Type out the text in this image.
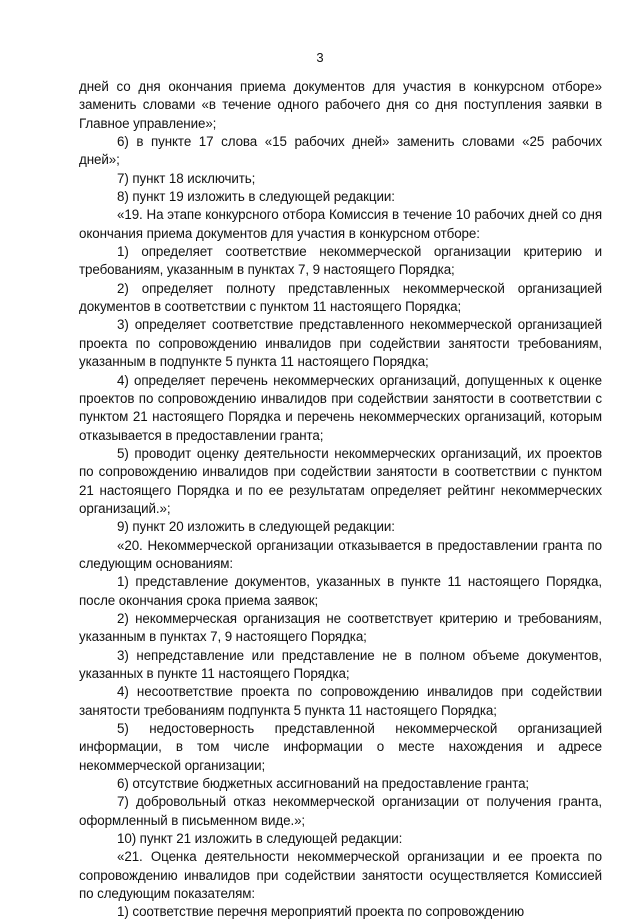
3

дней со дня окончания приема документов для участия в конкурсном отборе» заменить словами «в течение одного рабочего дня со дня поступления заявки в Главное управление»;

6) в пункте 17 слова «15 рабочих дней» заменить словами «25 рабочих дней»;

7) пункт 18 исключить;

8) пункт 19 изложить в следующей редакции:

«19. На этапе конкурсного отбора Комиссия в течение 10 рабочих дней со дня окончания приема документов для участия в конкурсном отборе:

1) определяет соответствие некоммерческой организации критерию и требованиям, указанным в пунктах 7, 9 настоящего Порядка;

2) определяет полноту представленных некоммерческой организацией документов в соответствии с пунктом 11 настоящего Порядка;

3) определяет соответствие представленного некоммерческой организацией проекта по сопровождению инвалидов при содействии занятости требованиям, указанным в подпункте 5 пункта 11 настоящего Порядка;

4) определяет перечень некоммерческих организаций, допущенных к оценке проектов по сопровождению инвалидов при содействии занятости в соответствии с пунктом 21 настоящего Порядка и перечень некоммерческих организаций, которым отказывается в предоставлении гранта;

5) проводит оценку деятельности некоммерческих организаций, их проектов по сопровождению инвалидов при содействии занятости в соответствии с пунктом 21 настоящего Порядка и по ее результатам определяет рейтинг некоммерческих организаций.»;

9) пункт 20 изложить в следующей редакции:

«20. Некоммерческой организации отказывается в предоставлении гранта по следующим основаниям:

1) представление документов, указанных в пункте 11 настоящего Порядка, после окончания срока приема заявок;

2) некоммерческая организация не соответствует критерию и требованиям, указанным в пунктах 7, 9 настоящего Порядка;

3) непредставление или представление не в полном объеме документов, указанных в пункте 11 настоящего Порядка;

4) несоответствие проекта по сопровождению инвалидов при содействии занятости требованиям подпункта 5 пункта 11 настоящего Порядка;

5) недостоверность представленной некоммерческой организацией информации, в том числе информации о месте нахождения и адресе некоммерческой организации;

6) отсутствие бюджетных ассигнований на предоставление гранта;

7) добровольный отказ некоммерческой организации от получения гранта, оформленный в письменном виде.»;

10) пункт 21 изложить в следующей редакции:

«21. Оценка деятельности некоммерческой организации и ее проекта по сопровождению инвалидов при содействии занятости осуществляется Комиссией по следующим показателям:

1) соответствие перечня мероприятий проекта по сопровождению
